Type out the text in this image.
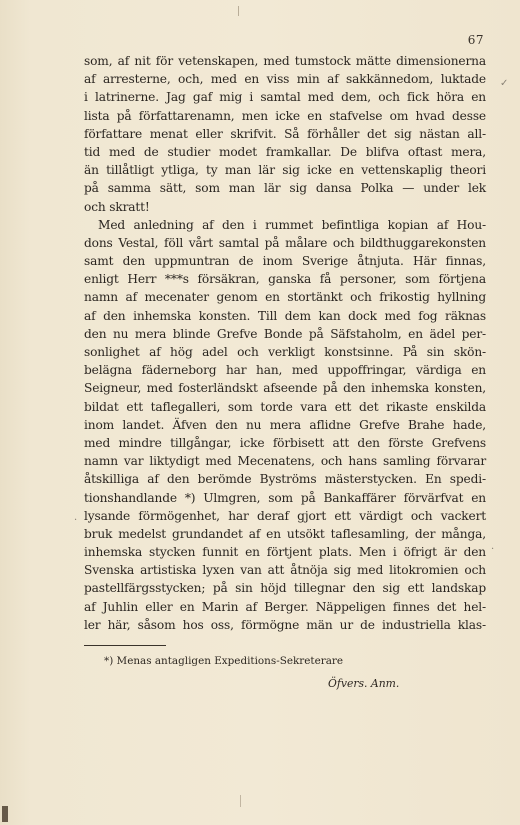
67
som, af nit för vetenskapen, med tumstock mätte dimensionerna
af arresterne, och, med en viss min af sakkännedom, luktade
i latrinerne. Jag gaf mig i samtal med dem, och fick höra en
lista på författarenamn, men icke en stafvelse om hvad desse
författare menat eller skrifvit. Så förhåller det sig nästan all-
tid med de studier modet framkallar. De blifva oftast mera,
än tillåtligt ytliga, ty man lär sig icke en vettenskaplig theori
på samma sätt, som man lär sig dansa Polka — under lek
och skratt!
Med anledning af den i rummet befintliga kopian af Hou-
dons Vestal, föll vårt samtal på målare och bildthuggarekonsten
samt den uppmuntran de inom Sverige åtnjuta. Här finnas,
enligt Herr ***s försäkran, ganska få personer, som förtjena
namn af mecenater genom en stortänkt och frikostig hyllning
af den inhemska konsten. Till dem kan dock med fog räknas
den nu mera blinde Grefve Bonde på Säfstaholm, en ädel per-
sonlighet af hög adel och verkligt konstsinne. På sin skön-
belägna fäderneborg har han, med uppoffringar, värdiga en
Seigneur, med fosterländskt afseende på den inhemska konsten,
bildat ett taflegalleri, som torde vara ett det rikaste enskilda
inom landet. Äfven den nu mera aflidne Grefve Brahe hade,
med mindre tillgångar, icke förbisett att den förste Grefvens
namn var liktydigt med Mecenatens, och hans samling förvarar
åtskilliga af den berömde Byströms mästerstycken. En spedi-
tionshandlande *) Ulmgren, som på Bankaffärer förvärfvat en
lysande förmögenhet, har deraf gjort ett värdigt och vackert
bruk medelst grundandet af en utsökt taflesamling, der många,
inhemska stycken funnit en förtjent plats. Men i öfrigt är den
Svenska artistiska lyxen van att åtnöja sig med litokromien och
pastellfärgsstycken; på sin höjd tillegnar den sig ett landskap
af Juhlin eller en Marin af Berger. Näppeligen finnes det hel-
ler här, såsom hos oss, förmögne män ur de industriella klas-
*) Menas antagligen Expeditions-Sekreterare
Öfvers. Anm.
✓
·
·
